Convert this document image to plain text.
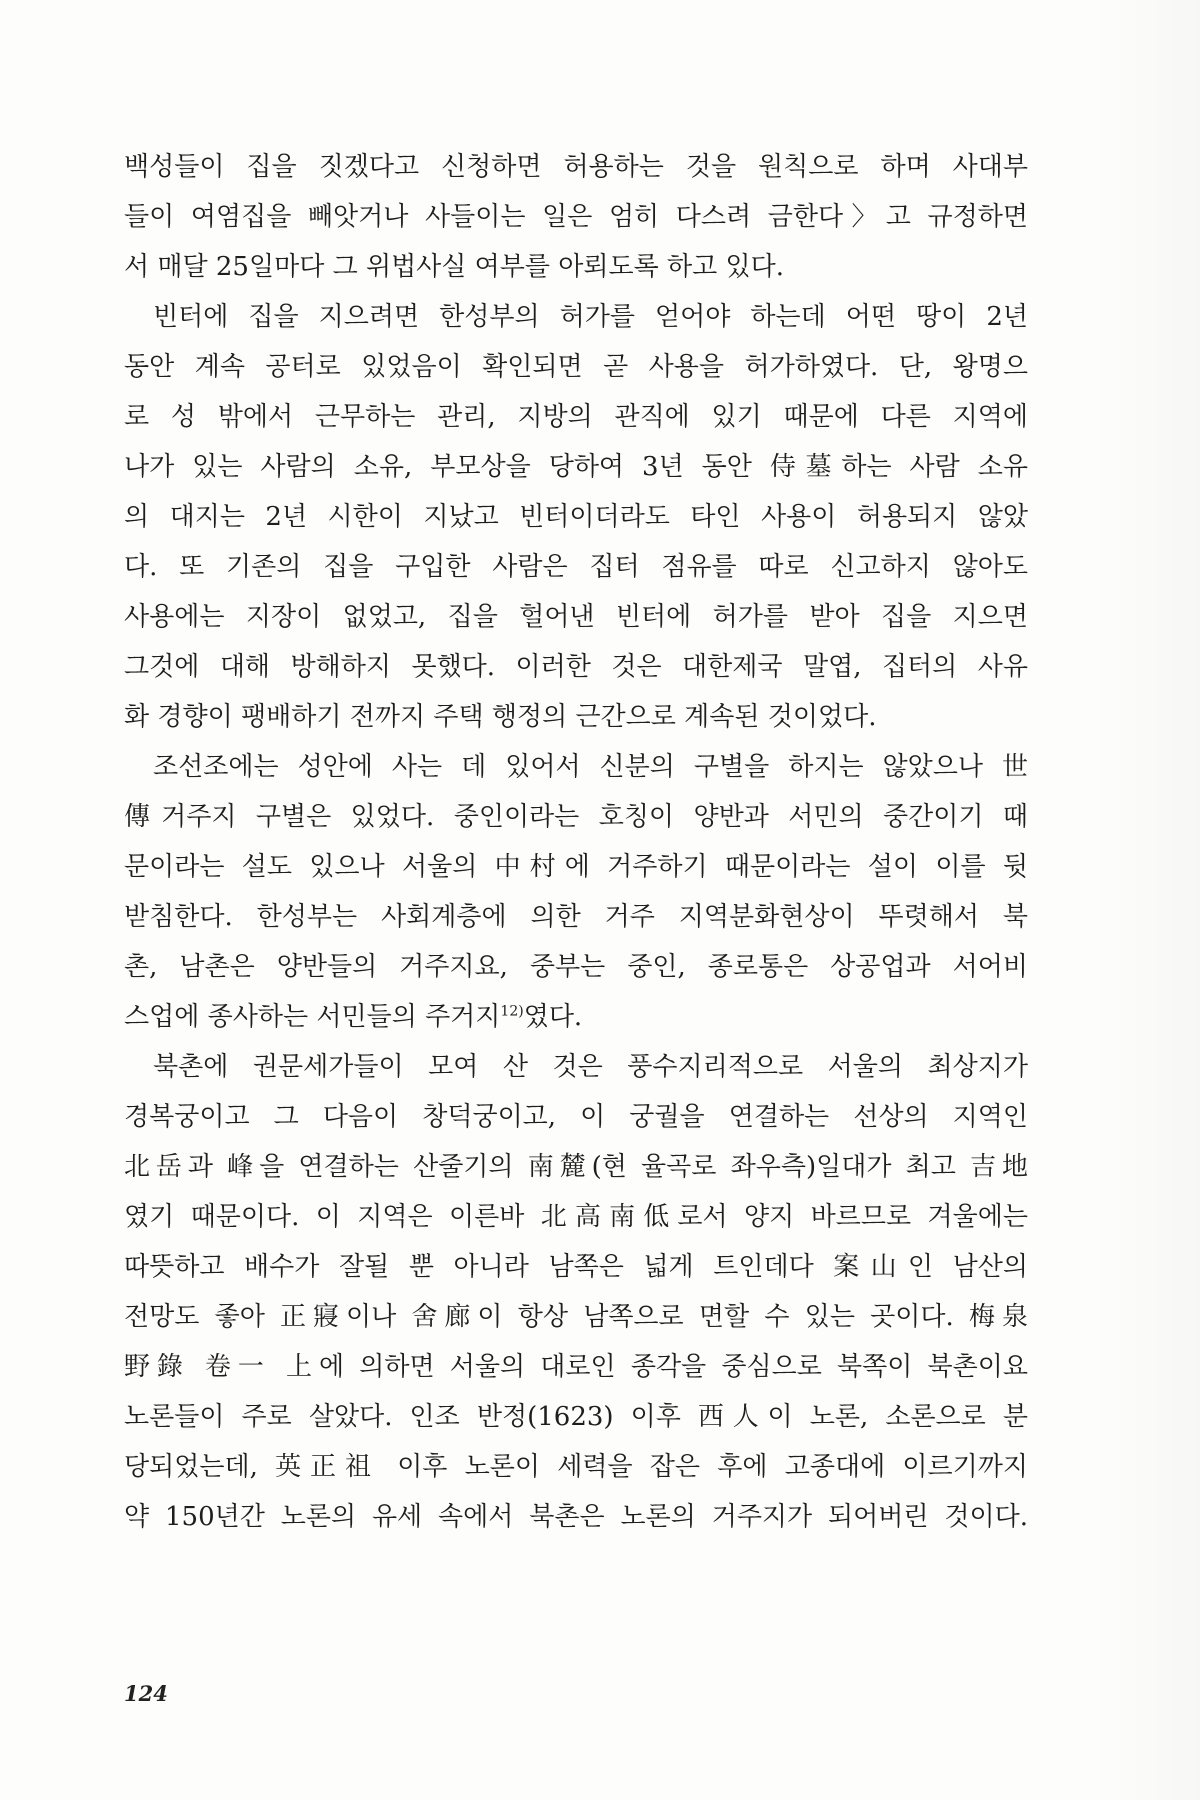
백성들이 집을 짓겠다고 신청하면 허용하는 것을 원칙으로 하며 사대부
들이 여염집을 빼앗거나 사들이는 일은 엄히 다스려 금한다〉고 규정하면
서 매달 25일마다 그 위법사실 여부를 아뢰도록 하고 있다.
빈터에 집을 지으려면 한성부의 허가를 얻어야 하는데 어떤 땅이 2년
동안 계속 공터로 있었음이 확인되면 곧 사용을 허가하였다. 단, 왕명으
로 성 밖에서 근무하는 관리, 지방의 관직에 있기 때문에 다른 지역에
나가 있는 사람의 소유, 부모상을 당하여 3년 동안 侍墓하는 사람 소유
의 대지는 2년 시한이 지났고 빈터이더라도 타인 사용이 허용되지 않았
다. 또 기존의 집을 구입한 사람은 집터 점유를 따로 신고하지 않아도
사용에는 지장이 없었고, 집을 헐어낸 빈터에 허가를 받아 집을 지으면
그것에 대해 방해하지 못했다. 이러한 것은 대한제국 말엽, 집터의 사유
화 경향이 팽배하기 전까지 주택 행정의 근간으로 계속된 것이었다.
조선조에는 성안에 사는 데 있어서 신분의 구별을 하지는 않았으나 世
傳거주지 구별은 있었다. 중인이라는 호칭이 양반과 서민의 중간이기 때
문이라는 설도 있으나 서울의 中村에 거주하기 때문이라는 설이 이를 뒷
받침한다. 한성부는 사회계층에 의한 거주 지역분화현상이 뚜렷해서 북
촌, 남촌은 양반들의 거주지요, 중부는 중인, 종로통은 상공업과 서어비
스업에 종사하는 서민들의 주거지$^{12)}$였다.
북촌에 권문세가들이 모여 산 것은 풍수지리적으로 서울의 최상지가
경복궁이고 그 다음이 창덕궁이고, 이 궁궐을 연결하는 선상의 지역인
北岳과 峰을 연결하는 산줄기의 南麓(현 율곡로 좌우측)일대가 최고 吉地
였기 때문이다. 이 지역은 이른바 北高南低로서 양지 바르므로 겨울에는
따뜻하고 배수가 잘될 뿐 아니라 남쪽은 넓게 트인데다 案山인 남산의
전망도 좋아 正寢이나 舍廊이 항상 남쪽으로 면할 수 있는 곳이다. 梅泉
野錄 卷一 上에 의하면 서울의 대로인 종각을 중심으로 북쪽이 북촌이요
노론들이 주로 살았다. 인조 반정(1623) 이후 西人이 노론, 소론으로 분
당되었는데, 英正祖 이후 노론이 세력을 잡은 후에 고종대에 이르기까지
약 150년간 노론의 유세 속에서 북촌은 노론의 거주지가 되어버린 것이다.
124
